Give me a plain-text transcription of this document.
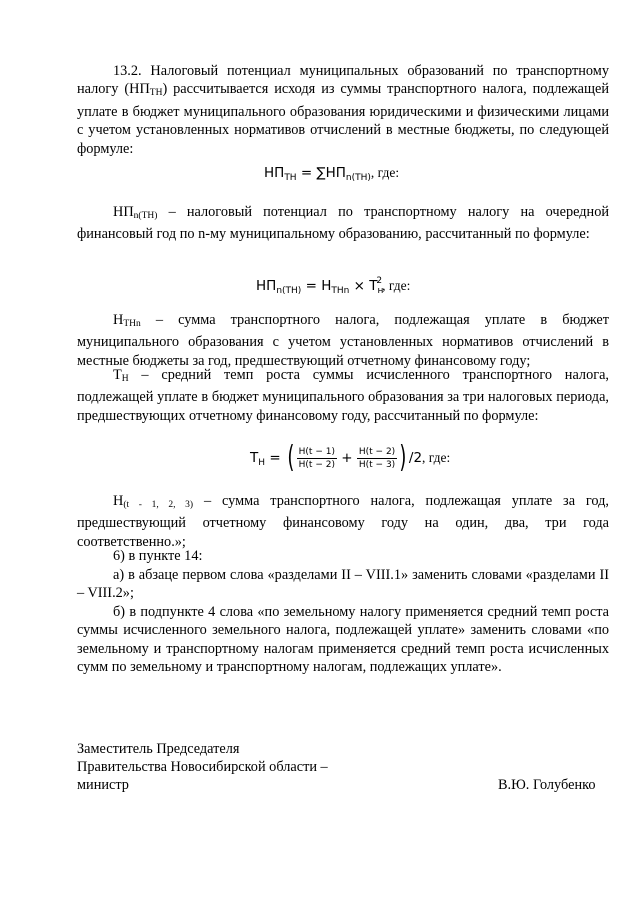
13.2. Налоговый потенциал муниципальных образований по транспортному налогу $(НП_{ТН})$ рассчитывается исходя из суммы транспортного налога, подлежащей уплате в бюджет муниципального образования юридическими и физическими лицами с учетом установленных нормативов отчислений в местные бюджеты, по следующей формуле:

$НП_{ТН} = \sum НП_{n(ТН)}$, где:

$НП_{n(ТН)}$ – налоговый потенциал по транспортному налогу на очередной финансовый год по n-му муниципальному образованию, рассчитанный по формуле:

$НП_{n(ТН)} = Н_{ТНn} \times Т_н^2$, где:

$Н_{ТНn}$ – сумма транспортного налога, подлежащая уплате в бюджет муниципального образования с учетом установленных нормативов отчислений в местные бюджеты за год, предшествующий отчетному финансовому году;

$Т_Н$ – средний темп роста суммы исчисленного транспортного налога, подлежащей уплате в бюджет муниципального образования за три налоговых периода, предшествующих отчетному финансовому году, рассчитанный по формуле:

$Т_Н$ = ( $\frac{Н(t - 1)}{Н(t - 2)} + \frac{Н(t - 2)}{Н(t - 3)}$ ) /2, где:

$Н_{(t - 1, 2, 3)}$ – сумма транспортного налога, подлежащая уплате за год, предшествующий отчетному финансовому году на один, два, три года соответственно.»;

6) в пункте 14:

а) в абзаце первом слова «разделами II – VIII.1» заменить словами «разделами II – VIII.2»;

б) в подпункте 4 слова «по земельному налогу применяется средний темп роста суммы исчисленного земельного налога, подлежащей уплате» заменить словами «по земельному и транспортному налогам применяется средний темп роста исчисленных сумм по земельному и транспортному налогам, подлежащих уплате».

Заместитель Председателя
Правительства Новосибирской области –
министр	В.Ю. Голубенко
